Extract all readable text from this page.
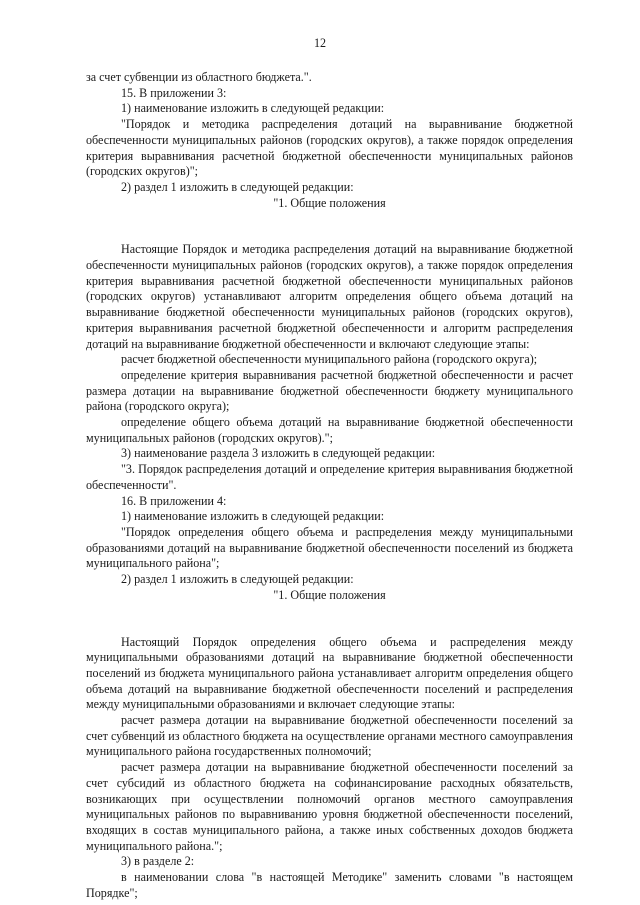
12

за счет субвенции из областного бюджета.".

15. В приложении 3:

1) наименование изложить в следующей редакции:

"Порядок и методика распределения дотаций на выравнивание бюджетной обеспеченности муниципальных районов (городских округов), а также порядок определения критерия выравнивания расчетной бюджетной обеспеченности муниципальных районов (городских округов)";

2) раздел 1 изложить в следующей редакции:

"1. Общие положения

Настоящие Порядок и методика распределения дотаций на выравнивание бюджетной обеспеченности муниципальных районов (городских округов), а также порядок определения критерия выравнивания расчетной бюджетной обеспеченности муниципальных районов (городских округов) устанавливают алгоритм определения общего объема дотаций на выравнивание бюджетной обеспеченности муниципальных районов (городских округов), критерия выравнивания расчетной бюджетной обеспеченности и алгоритм распределения дотаций на выравнивание бюджетной обеспеченности и включают следующие этапы:

расчет бюджетной обеспеченности муниципального района (городского округа);

определение критерия выравнивания расчетной бюджетной обеспеченности и расчет размера дотации на выравнивание бюджетной обеспеченности бюджету муниципального района (городского округа);

определение общего объема дотаций на выравнивание бюджетной обеспеченности муниципальных районов (городских округов).";

3) наименование раздела 3 изложить в следующей редакции:

"3. Порядок распределения дотаций и определение критерия выравнивания бюджетной обеспеченности".

16. В приложении 4:

1) наименование изложить в следующей редакции:

"Порядок определения общего объема и распределения между муниципальными образованиями дотаций на выравнивание бюджетной обеспеченности поселений из бюджета муниципального района";

2) раздел 1 изложить в следующей редакции:

"1. Общие положения

Настоящий Порядок определения общего объема и распределения между муниципальными образованиями дотаций на выравнивание бюджетной обеспеченности поселений из бюджета муниципального района устанавливает алгоритм определения общего объема дотаций на выравнивание бюджетной обеспеченности поселений и распределения между муниципальными образованиями и включает следующие этапы:

расчет размера дотации на выравнивание бюджетной обеспеченности поселений за счет субвенций из областного бюджета на осуществление органами местного самоуправления муниципального района государственных полномочий;

расчет размера дотации на выравнивание бюджетной обеспеченности поселений за счет субсидий из областного бюджета на софинансирование расходных обязательств, возникающих при осуществлении полномочий органов местного самоуправления муниципальных районов по выравниванию уровня бюджетной обеспеченности поселений, входящих в состав муниципального района, а также иных собственных доходов бюджета муниципального района.";

3) в разделе 2:

в наименовании слова "в настоящей Методике" заменить словами "в настоящем Порядке";
